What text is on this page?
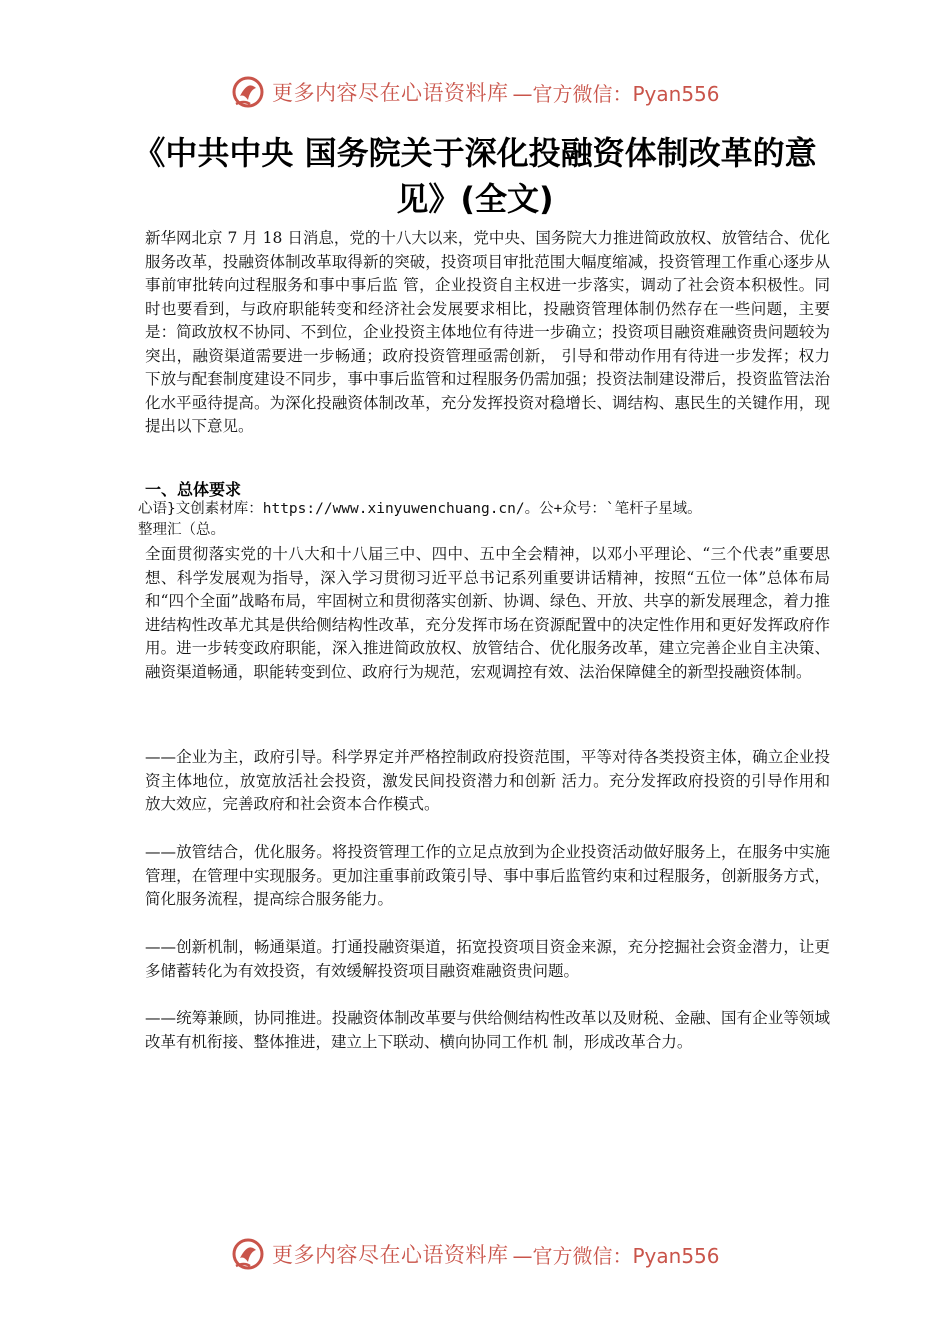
更多内容尽在心语资料库 —官方微信：Pyan556
《中共中央 国务院关于深化投融资体制改革的意见》(全文)

新华网北京 7 月 18 日消息，党的十八大以来，党中央、国务院大力推进简政放权、放管结合、优化服务改革，投融资体制改革取得新的突破，投资项目审批范围大幅度缩减，投资管理工作重心逐步从事前审批转向过程服务和事中事后监 管，企业投资自主权进一步落实，调动了社会资本积极性。同时也要看到，与政府职能转变和经济社会发展要求相比，投融资管理体制仍然存在一些问题，主要是：简政放权不协同、不到位，企业投资主体地位有待进一步确立；投资项目融资难融资贵问题较为突出，融资渠道需要进一步畅通；政府投资管理亟需创新， 引导和带动作用有待进一步发挥；权力下放与配套制度建设不同步，事中事后监管和过程服务仍需加强；投资法制建设滞后，投资监管法治化水平亟待提高。为深化投融资体制改革，充分发挥投资对稳增长、调结构、惠民生的关键作用，现提出以下意见。

一、总体要求
心语}文创素材库：https://www.xinyuwenchuang.cn/。公+众号：`笔杆子星域。
整理汇（总。

全面贯彻落实党的十八大和十八届三中、四中、五中全会精神，以邓小平理论、“三个代表”重要思想、科学发展观为指导，深入学习贯彻习近平总书记系列重要讲话精神，按照“五位一体”总体布局和“四个全面”战略布局，牢固树立和贯彻落实创新、协调、绿色、开放、共享的新发展理念，着力推进结构性改革尤其是供给侧结构性改革，充分发挥市场在资源配置中的决定性作用和更好发挥政府作 用。进一步转变政府职能，深入推进简政放权、放管结合、优化服务改革，建立完善企业自主决策、融资渠道畅通，职能转变到位、政府行为规范，宏观调控有效、法治保障健全的新型投融资体制。

——企业为主，政府引导。科学界定并严格控制政府投资范围，平等对待各类投资主体，确立企业投资主体地位，放宽放活社会投资，激发民间投资潜力和创新 活力。充分发挥政府投资的引导作用和放大效应，完善政府和社会资本合作模式。

——放管结合，优化服务。将投资管理工作的立足点放到为企业投资活动做好服务上，在服务中实施管理，在管理中实现服务。更加注重事前政策引导、事中事后监管约束和过程服务，创新服务方式，简化服务流程，提高综合服务能力。

——创新机制，畅通渠道。打通投融资渠道，拓宽投资项目资金来源，充分挖掘社会资金潜力，让更多储蓄转化为有效投资，有效缓解投资项目融资难融资贵问题。

——统筹兼顾，协同推进。投融资体制改革要与供给侧结构性改革以及财税、金融、国有企业等领域改革有机衔接、整体推进，建立上下联动、横向协同工作机 制，形成改革合力。

更多内容尽在心语资料库 —官方微信：Pyan556
